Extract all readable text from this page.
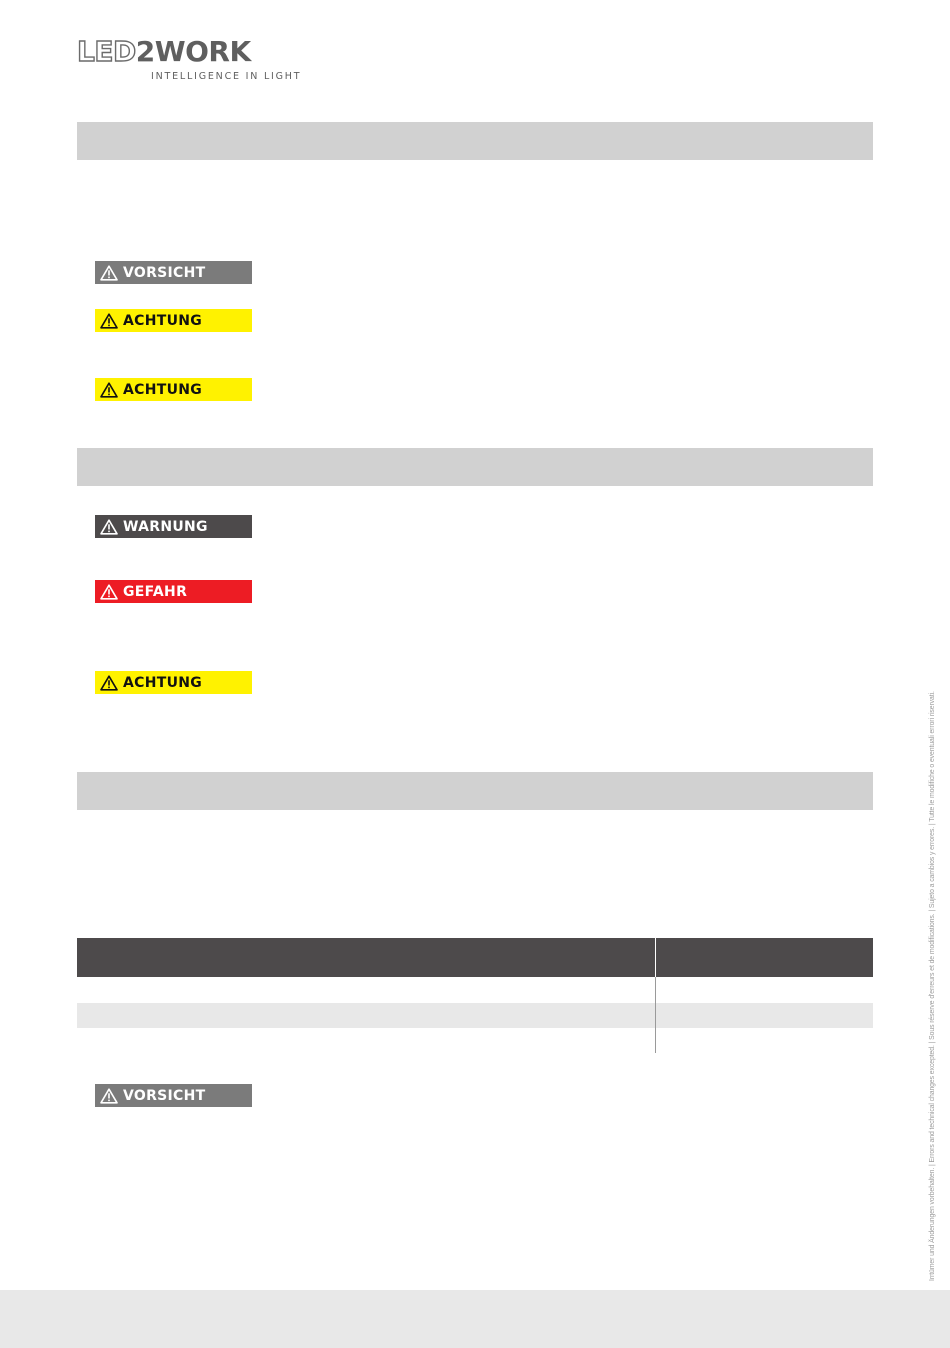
LED2WORK
INTELLIGENCE IN LIGHT
VORSICHT
ACHTUNG
ACHTUNG
WARNUNG
GEFAHR
ACHTUNG
VORSICHT	Irrtümer und Änderungen vorbehalten. | Errors and technical changes excepted. | Sous réserve d'erreurs et de modifications. | Sujeto a cambios y errores. | Tutte le modifiche o eventuali errori riservati.
